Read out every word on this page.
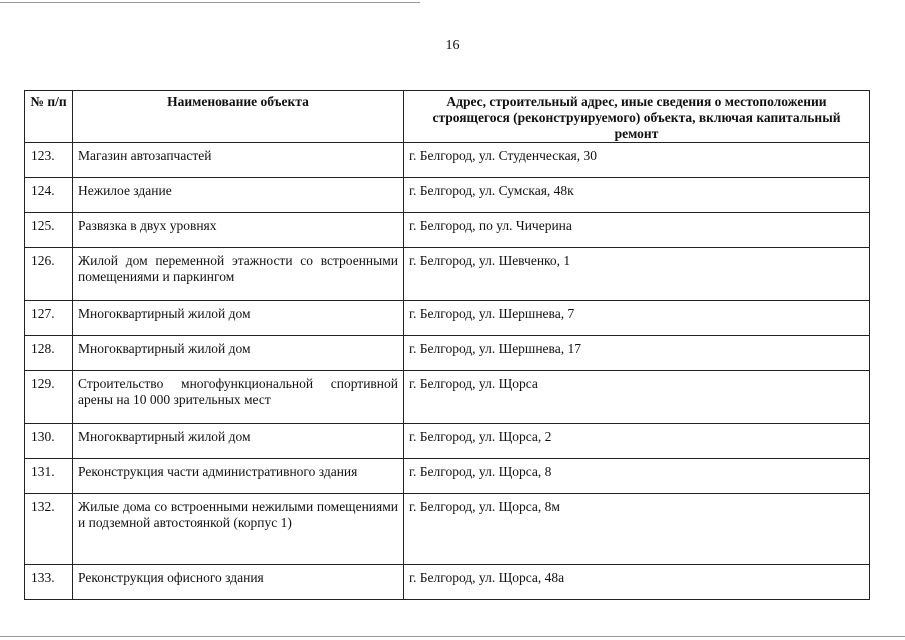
16
№ п/п	Наименование объекта	Адрес, строительный адрес, иные сведения о местоположении строящегося (реконструируемого) объекта, включая капитальный ремонт
123.	Магазин автозапчастей	г. Белгород, ул. Студенческая, 30
124.	Нежилое здание	г. Белгород, ул. Сумская, 48к
125.	Развязка в двух уровнях	г. Белгород, по ул. Чичерина
126.	Жилой дом переменной этажности со встроенными помещениями и паркингом	г. Белгород, ул. Шевченко, 1
127.	Многоквартирный жилой дом	г. Белгород, ул. Шершнева, 7
128.	Многоквартирный жилой дом	г. Белгород, ул. Шершнева, 17
129.	Строительство многофункциональной спортивной арены на 10 000 зрительных мест	г. Белгород, ул. Щорса
130.	Многоквартирный жилой дом	г. Белгород, ул. Щорса, 2
131.	Реконструкция части административного здания	г. Белгород, ул. Щорса, 8
132.	Жилые дома со встроенными нежилыми помещениями и подземной автостоянкой (корпус 1)	г. Белгород, ул. Щорса, 8м
133.	Реконструкция офисного здания	г. Белгород, ул. Щорса, 48а
